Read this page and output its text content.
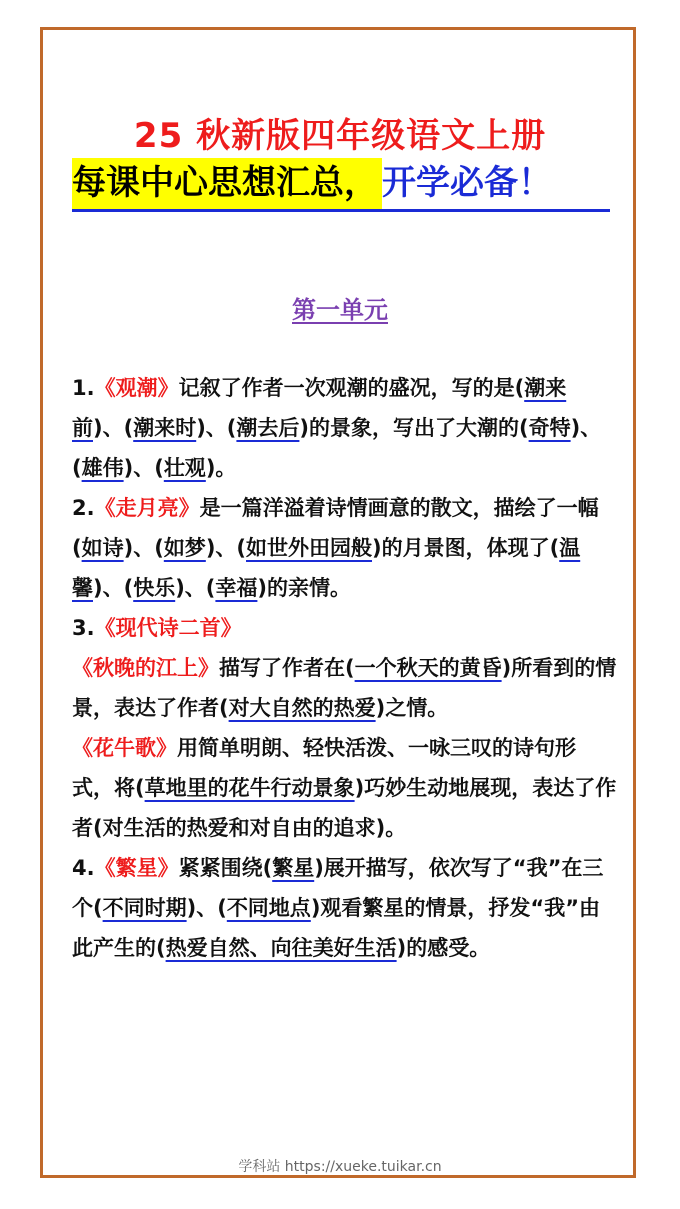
25 秋新版四年级语文上册
每课中心思想汇总， 开学必备！
第一单元

1.《观潮》记叙了作者一次观潮的盛况，写的是(潮来前)、(潮来时)、(潮去后)的景象，写出了大潮的(奇特)、(雄伟)、(壮观)。

2.《走月亮》是一篇洋溢着诗情画意的散文，描绘了一幅(如诗)、(如梦)、(如世外田园般)的月景图，体现了(温馨)、(快乐)、(幸福)的亲情。

3.《现代诗二首》

《秋晚的江上》描写了作者在(一个秋天的黄昏)所看到的情景，表达了作者(对大自然的热爱)之情。

《花牛歌》用简单明朗、轻快活泼、一咏三叹的诗句形式，将(草地里的花牛行动景象)巧妙生动地展现，表达了作者(对生活的热爱和对自由的追求)。

4.《繁星》紧紧围绕(繁星)展开描写，依次写了“我”在三个(不同时期)、(不同地点)观看繁星的情景，抒发“我”由此产生的(热爱自然、向往美好生活)的感受。

学科站 https://xueke.tuikar.cn
